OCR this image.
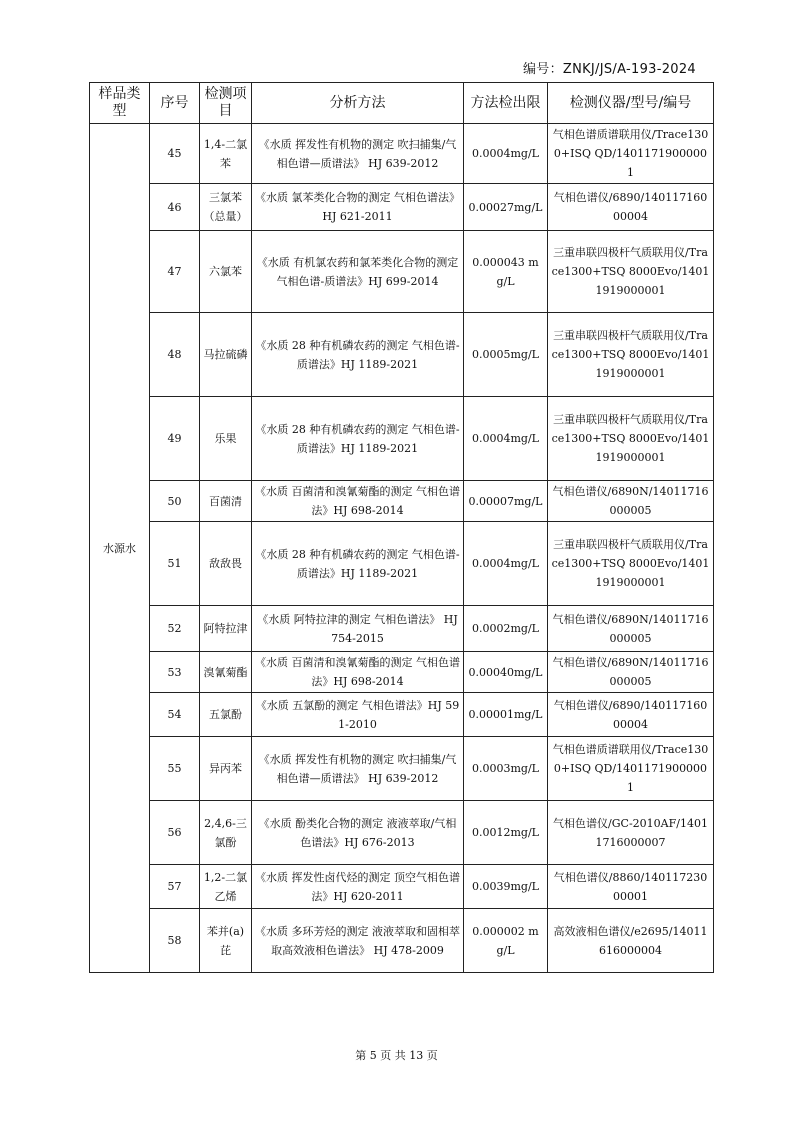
编号：ZNKJ/JS/A-193-2024
样品类型	序号	检测项目	分析方法	方法检出限	检测仪器/型号/编号
水源水	45	1,4-二氯苯	《水质 挥发性有机物的测定 吹扫捕集/气相色谱—质谱法》 HJ 639-2012	0.0004mg/L	气相色谱质谱联用仪/Trace1300+ISQ QD/14011719000001
	46	三氯苯（总量）	《水质 氯苯类化合物的测定 气相色谱法》 HJ 621-2011	0.00027mg/L	气相色谱仪/6890/14011716000004
	47	六氯苯	《水质 有机氯农药和氯苯类化合物的测定 气相色谱-质谱法》HJ 699-2014	0.000043 mg/L	三重串联四极杆气质联用仪/Trace1300+TSQ 8000Evo/14011919000001
	48	马拉硫磷	《水质 28 种有机磷农药的测定 气相色谱-质谱法》HJ 1189-2021	0.0005mg/L	三重串联四极杆气质联用仪/Trace1300+TSQ 8000Evo/14011919000001
	49	乐果	《水质 28 种有机磷农药的测定 气相色谱-质谱法》HJ 1189-2021	0.0004mg/L	三重串联四极杆气质联用仪/Trace1300+TSQ 8000Evo/14011919000001
	50	百菌清	《水质 百菌清和溴氰菊酯的测定 气相色谱法》HJ 698-2014	0.00007mg/L	气相色谱仪/6890N/14011716000005
	51	敌敌畏	《水质 28 种有机磷农药的测定 气相色谱-质谱法》HJ 1189-2021	0.0004mg/L	三重串联四极杆气质联用仪/Trace1300+TSQ 8000Evo/14011919000001
	52	阿特拉津	《水质 阿特拉津的测定 气相色谱法》 HJ 754-2015	0.0002mg/L	气相色谱仪/6890N/14011716000005
	53	溴氰菊酯	《水质 百菌清和溴氰菊酯的测定 气相色谱法》HJ 698-2014	0.00040mg/L	气相色谱仪/6890N/14011716000005
	54	五氯酚	《水质 五氯酚的测定 气相色谱法》HJ 591-2010	0.00001mg/L	气相色谱仪/6890/14011716000004
	55	异丙苯	《水质 挥发性有机物的测定 吹扫捕集/气相色谱—质谱法》 HJ 639-2012	0.0003mg/L	气相色谱质谱联用仪/Trace1300+ISQ QD/14011719000001
	56	2,4,6-三氯酚	《水质 酚类化合物的测定 液液萃取/气相色谱法》HJ 676-2013	0.0012mg/L	气相色谱仪/GC-2010AF/14011716000007
	57	1,2-二氯乙烯	《水质 挥发性卤代烃的测定 顶空气相色谱法》HJ 620-2011	0.0039mg/L	气相色谱仪/8860/14011723000001
	58	苯并(a)芘	《水质 多环芳烃的测定 液液萃取和固相萃取高效液相色谱法》 HJ 478-2009	0.000002 mg/L	高效液相色谱仪/e2695/14011616000004
第 5 页 共 13 页
